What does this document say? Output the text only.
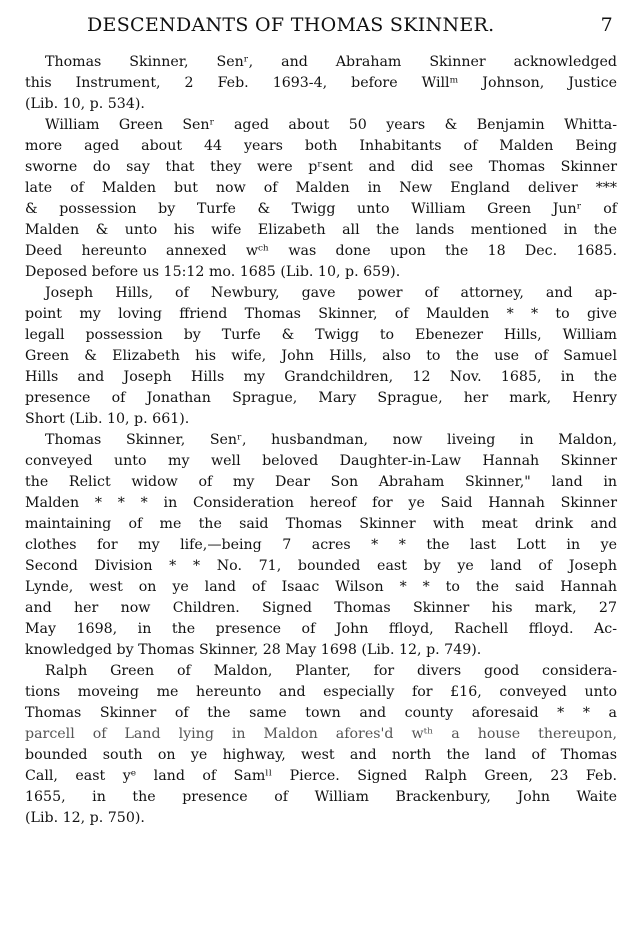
DESCENDANTS OF THOMAS SKINNER.	7
Thomas Skinner, Senʳ, and Abraham Skinner acknowledged
this Instrument, 2 Feb. 1693-4, before Willᵐ Johnson, Justice
(Lib. 10, p. 534).
William Green Senʳ aged about 50 years & Benjamin Whitta-
more aged about 44 years both Inhabitants of Malden Being
sworne do say that they were pʳsent and did see Thomas Skinner
late of Malden but now of Malden in New England deliver ***
& possession by Turfe & Twigg unto William Green Junʳ of
Malden & unto his wife Elizabeth all the lands mentioned in the
Deed hereunto annexed wᶜʰ was done upon the 18 Dec. 1685.
Deposed before us 15:12 mo. 1685 (Lib. 10, p. 659).
Joseph Hills, of Newbury, gave power of attorney, and ap-
point my loving ffriend Thomas Skinner, of Maulden * * to give
legall possession by Turfe & Twigg to Ebenezer Hills, William
Green & Elizabeth his wife, John Hills, also to the use of Samuel
Hills and Joseph Hills my Grandchildren, 12 Nov. 1685, in the
presence of Jonathan Sprague, Mary Sprague, her mark, Henry
Short (Lib. 10, p. 661).
Thomas Skinner, Senʳ, husbandman, now liveing in Maldon,
conveyed unto my well beloved Daughter-in-Law Hannah Skinner
the Relict widow of my Dear Son Abraham Skinner," land in
Malden * * * in Consideration hereof for ye Said Hannah Skinner
maintaining of me the said Thomas Skinner with meat drink and
clothes for my life,—being 7 acres * * the last Lott in ye
Second Division * * No. 71, bounded east by ye land of Joseph
Lynde, west on ye land of Isaac Wilson * * to the said Hannah
and her now Children. Signed Thomas Skinner his mark, 27
May 1698, in the presence of John ffloyd, Rachell ffloyd. Ac-
knowledged by Thomas Skinner, 28 May 1698 (Lib. 12, p. 749).
Ralph Green of Maldon, Planter, for divers good considera-
tions moveing me hereunto and especially for £16, conveyed unto
Thomas Skinner of the same town and county aforesaid * * a
parcell of Land lying in Maldon afores'd wᵗʰ a house thereupon,
bounded south on ye highway, west and north the land of Thomas
Call, east yᵉ land of Samˡˡ Pierce. Signed Ralph Green, 23 Feb.
1655, in the presence of William Brackenbury, John Waite
(Lib. 12, p. 750).
